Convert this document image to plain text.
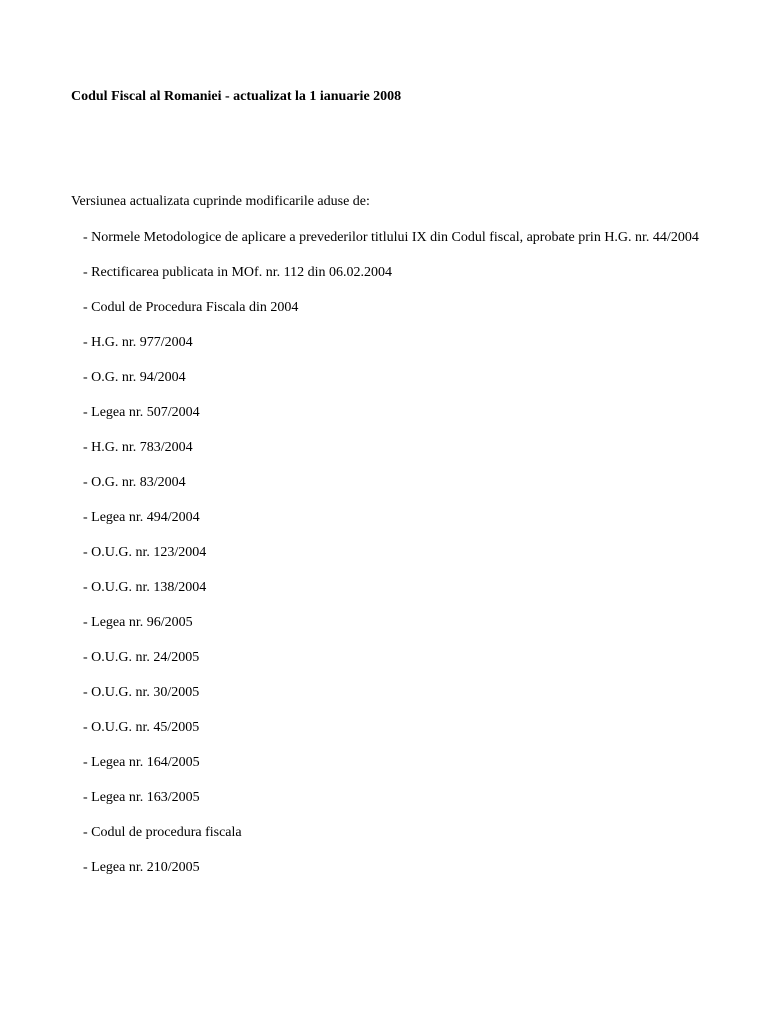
Codul Fiscal al Romaniei - actualizat la 1 ianuarie 2008
Versiunea actualizata cuprinde modificarile aduse de:
- Normele Metodologice de aplicare a prevederilor titlului IX din Codul fiscal, aprobate prin H.G. nr. 44/2004
- Rectificarea publicata in MOf. nr. 112 din 06.02.2004
- Codul de Procedura Fiscala din 2004
- H.G. nr. 977/2004
- O.G. nr. 94/2004
- Legea nr. 507/2004
- H.G. nr. 783/2004
- O.G. nr. 83/2004
- Legea nr. 494/2004
- O.U.G. nr. 123/2004
- O.U.G. nr. 138/2004
- Legea nr. 96/2005
- O.U.G. nr. 24/2005
- O.U.G. nr. 30/2005
- O.U.G. nr. 45/2005
- Legea nr. 164/2005
- Legea nr. 163/2005
- Codul de procedura fiscala
- Legea nr. 210/2005
